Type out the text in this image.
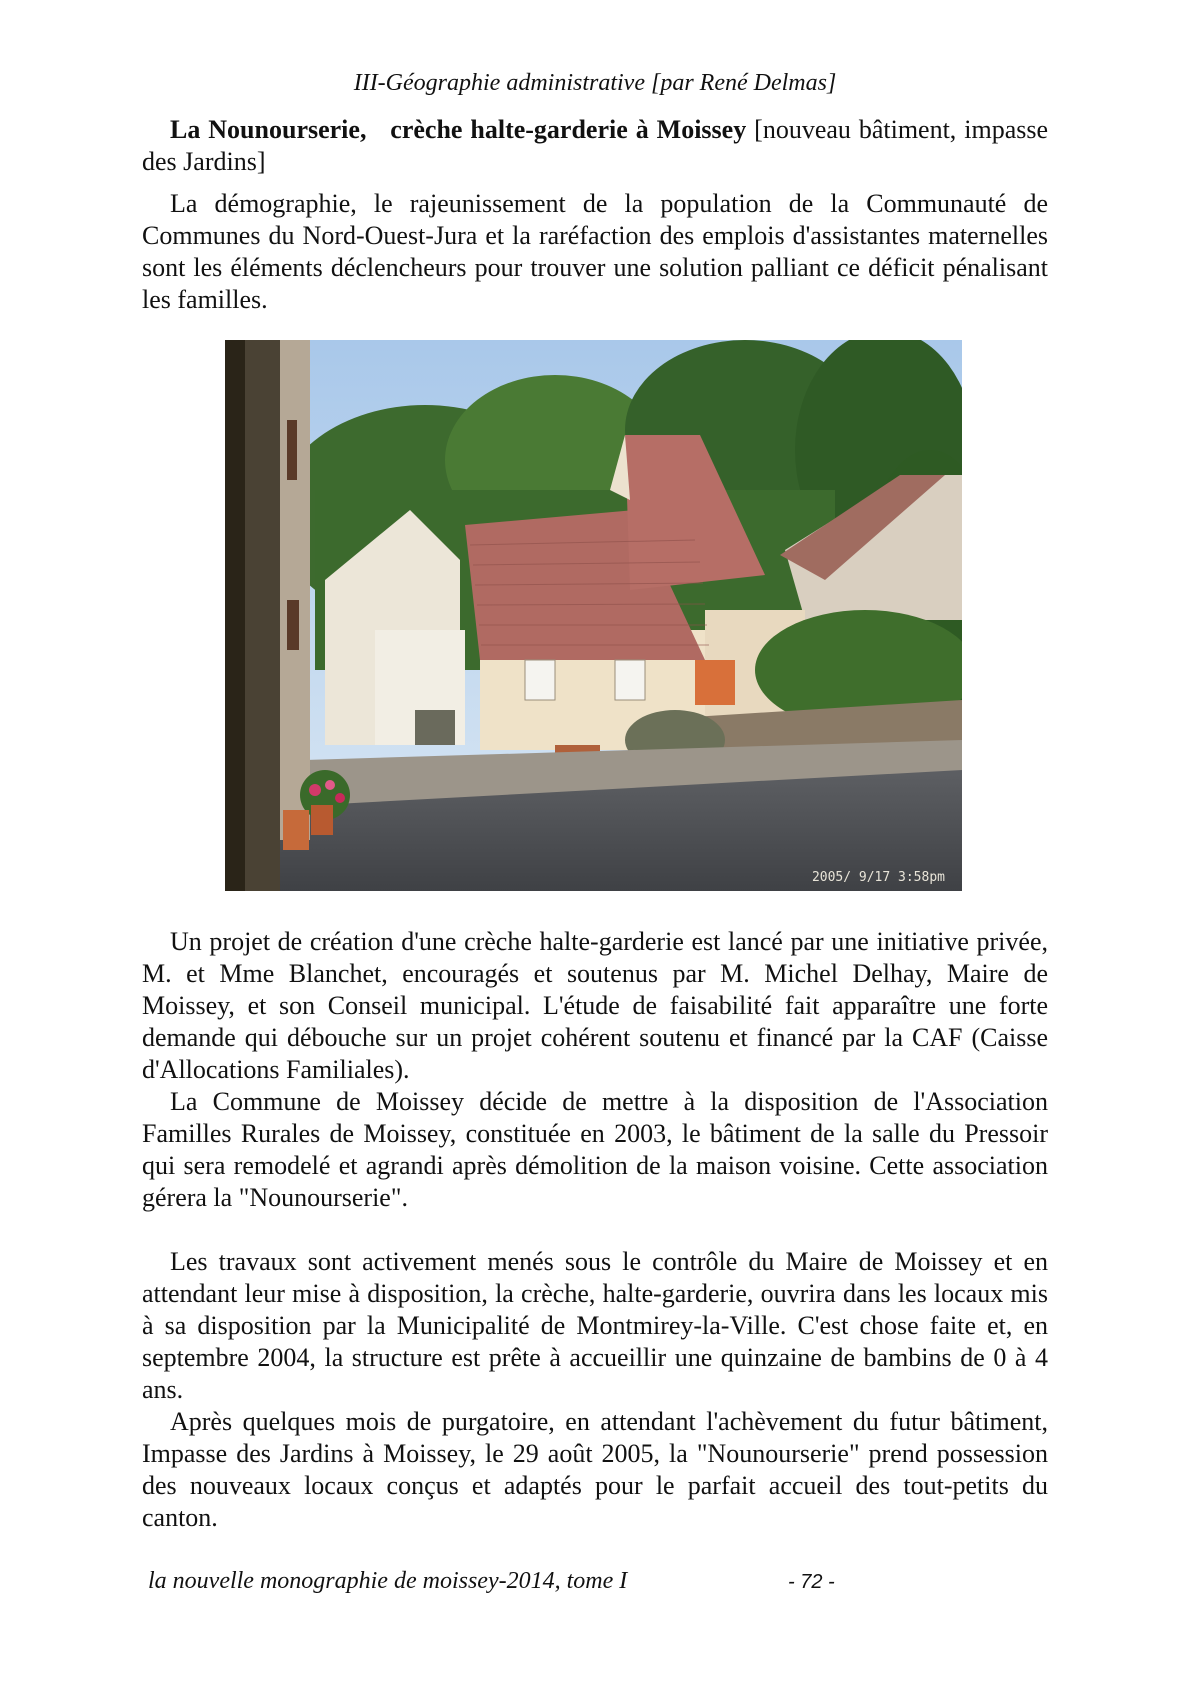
III-Géographie administrative [par René Delmas]

La Nounourserie, crèche halte-garderie à Moissey [nouveau bâtiment, impasse des Jardins]

La démographie, le rajeunissement de la population de la Communauté de Communes du Nord-Ouest-Jura et la raréfaction des emplois d'assistantes maternelles sont les éléments déclencheurs pour trouver une solution palliant ce déficit pénalisant les familles.

2005/ 9/17 3:58pm

Un projet de création d'une crèche halte-garderie est lancé par une initiative privée, M. et Mme Blanchet, encouragés et soutenus par M. Michel Delhay, Maire de Moissey, et son Conseil municipal. L'étude de faisabilité fait apparaître une forte demande qui débouche sur un projet cohérent soutenu et financé par la CAF (Caisse d'Allocations Familiales).

La Commune de Moissey décide de mettre à la disposition de l'Association Familles Rurales de Moissey, constituée en 2003, le bâtiment de la salle du Pressoir qui sera remodelé et agrandi après démolition de la maison voisine. Cette association gérera la "Nounourserie".

Les travaux sont activement menés sous le contrôle du Maire de Moissey et en attendant leur mise à disposition, la crèche, halte-garderie, ouvrira dans les locaux mis à sa disposition par la Municipalité de Montmirey-la-Ville. C'est chose faite et, en septembre 2004, la structure est prête à accueillir une quinzaine de bambins de 0 à 4 ans.

Après quelques mois de purgatoire, en attendant l'achèvement du futur bâtiment, Impasse des Jardins à Moissey, le 29 août 2005, la "Nounourserie" prend possession des nouveaux locaux conçus et adaptés pour le parfait accueil des tout-petits du canton.

la nouvelle monographie de moissey-2014, tome I	- 72 -
